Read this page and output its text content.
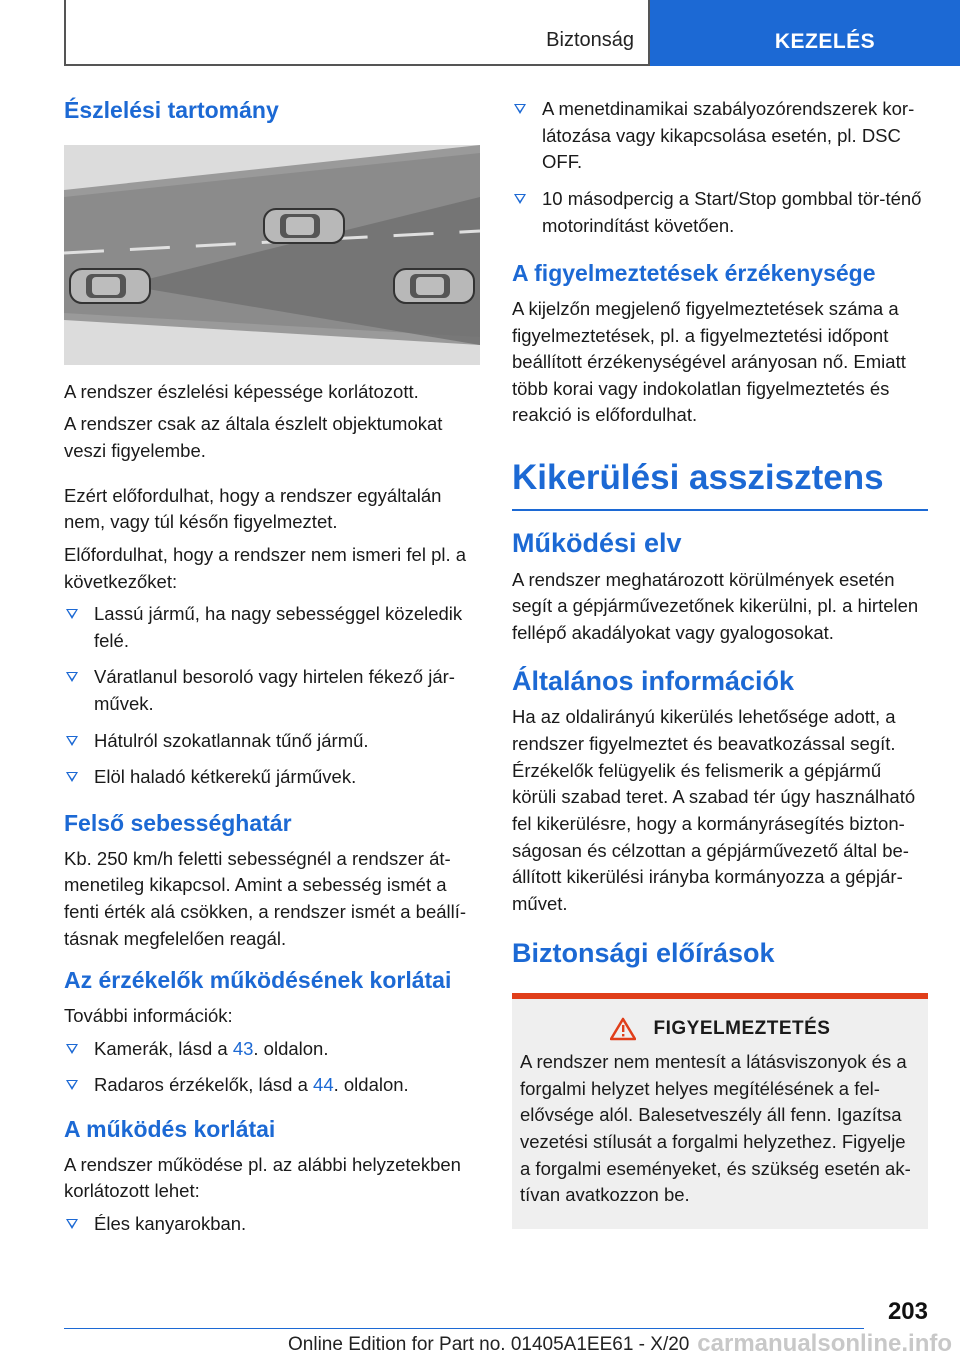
Biztonság	KEZELÉS
Észlelési tartomány

A rendszer észlelési képessége korlátozott.

A rendszer csak az általa észlelt objektumokat veszi figyelembe.

Ezért előfordulhat, hogy a rendszer egyáltalán nem, vagy túl későn figyelmeztet.

Előfordulhat, hogy a rendszer nem ismeri fel pl. a következőket:

Lassú jármű, ha nagy sebességgel közeledik felé.
Váratlanul besoroló vagy hirtelen fékező jár-művek.
Hátulról szokatlannak tűnő jármű.
Elöl haladó kétkerekű járművek.
Felső sebességhatár

Kb. 250 km/h feletti sebességnél a rendszer át-menetileg kikapcsol. Amint a sebesség ismét a fenti érték alá csökken, a rendszer ismét a beállí-tásnak megfelelően reagál.

Az érzékelők működésének korlátai

További információk:

Kamerák, lásd a 43. oldalon.
Radaros érzékelők, lásd a 44. oldalon.
A működés korlátai

A rendszer működése pl. az alábbi helyzetekben korlátozott lehet:

Éles kanyarokban.
A menetdinamikai szabályozórendszerek kor-látozása vagy kikapcsolása esetén, pl. DSC OFF.
10 másodpercig a Start/Stop gombbal tör-ténő motorindítást követően.
A figyelmeztetések érzékenysége

A kijelzőn megjelenő figyelmeztetések száma a figyelmeztetések, pl. a figyelmeztetési időpont beállított érzékenységével arányosan nő. Emiatt több korai vagy indokolatlan figyelmeztetés és reakció is előfordulhat.

Kikerülési asszisztens
Működési elv

A rendszer meghatározott körülmények esetén segít a gépjárművezetőnek kikerülni, pl. a hirtelen fellépő akadályokat vagy gyalogosokat.

Általános információk

Ha az oldalirányú kikerülés lehetősége adott, a rendszer figyelmeztet és beavatkozással segít. Érzékelők felügyelik és felismerik a gépjármű körüli szabad teret. A szabad tér úgy használható fel kikerülésre, hogy a kormányrásegítés bizton-ságosan és célzottan a gépjárművezető által be-állított kikerülési irányba kormányozza a gépjár-művet.

Biztonsági előírások
FIGYELMEZTETÉS

A rendszer nem mentesít a látásviszonyok és a forgalmi helyzet helyes megítélésének a fel-elővsége alól. Balesetveszély áll fenn. Igazítsa vezetési stílusát a forgalmi helyzethez. Figyelje a forgalmi eseményeket, és szükség esetén ak-tívan avatkozzon be.

203
Online Edition for Part no. 01405A1EE61 - X/20 carmanualsonline.info
